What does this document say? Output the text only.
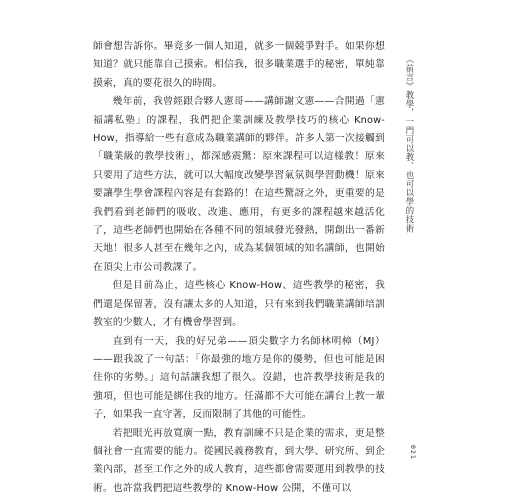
師會想告訴你。畢竟多一個人知道，就多一個競爭對手。如果你想知道？就只能靠自己摸索。相信我，很多職業選手的秘密，單純靠摸索，真的要花很久的時間。

幾年前，我曾經跟合夥人憲哥——講師謝文憲——合開過「憲福講私塾」的課程，我們把企業訓練及教學技巧的核心 Know-How，指導給一些有意成為職業講師的夥伴。許多人第一次接觸到「職業級的教學技術」，都深感震驚：原來課程可以這樣教！原來只要用了這些方法，就可以大幅度改變學習氣氛與學習動機！原來要讓學生學會課程內容是有套路的！在這些驚訝之外，更重要的是我們看到老師們的吸收、改進、應用，有更多的課程越來越活化了，這些老師們也開始在各種不同的領域發光發熱，開創出一番新天地！很多人甚至在幾年之內，成為某個領域的知名講師，也開始在頂尖上市公司教課了。

但是目前為止，這些核心 Know-How、這些教學的秘密，我們還是保留著，沒有讓太多的人知道，只有來到我們職業講師培訓教室的少數人，才有機會學習到。

直到有一天，我的好兄弟——頂尖數字力名師林明樟（MJ）——跟我說了一句話：「你最強的地方是你的優勢，但也可能是困住你的劣勢。」這句話讓我想了很久。沒錯，也許教學技術是我的強項，但也可能是綁住我的地方。任滿都不大可能在講台上教一輩子，如果我一直守著，反而限制了其他的可能性。

若把眼光再放寬廣一點，教育訓練不只是企業的需求，更是整個社會一直需要的能力。從國民義務教育，到大學、研究所、到企業內部，甚至工作之外的成人教育，這些都會需要運用到教學的技術。也許當我們把這些教學的 Know-How 公開，不僅可以

《前言》教學，一門可以教、也可以學的技術
021
